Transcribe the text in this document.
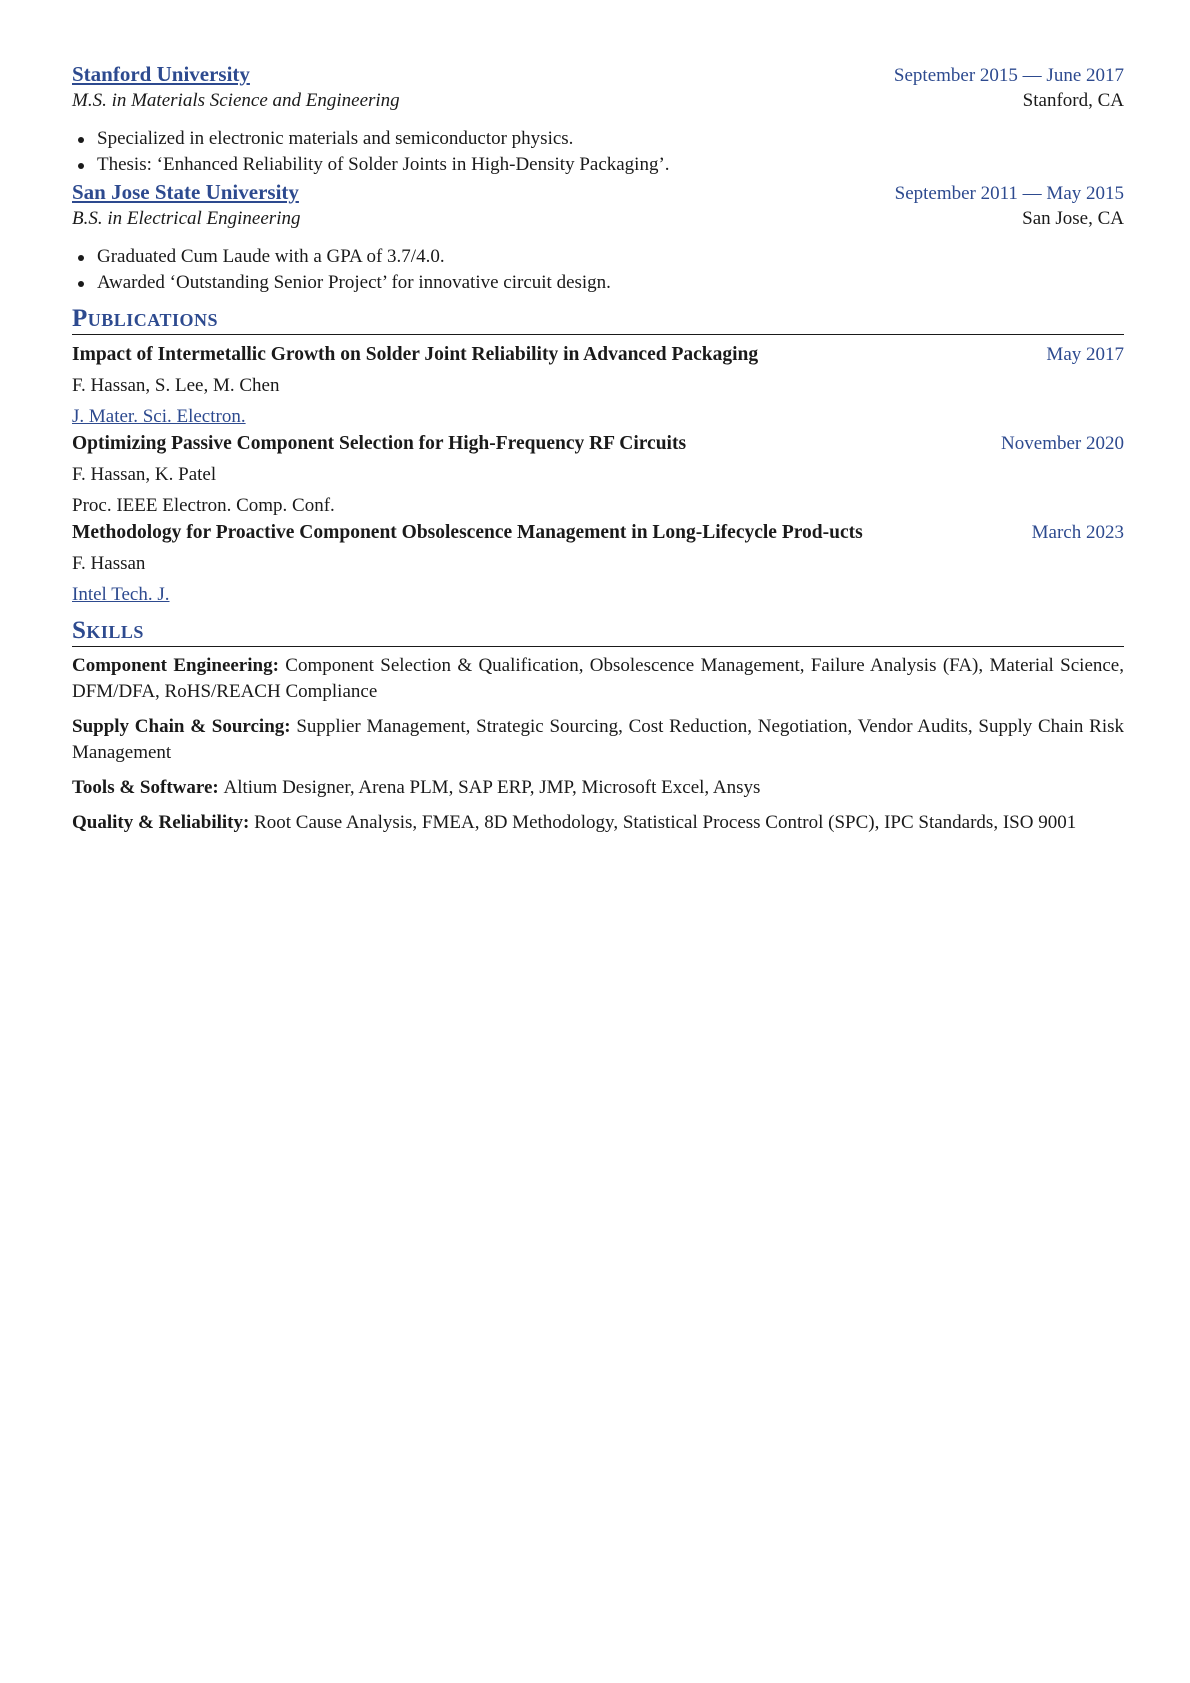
Stanford University	September 2015 — June 2017
M.S. in Materials Science and Engineering	Stanford, CA
Specialized in electronic materials and semiconductor physics.
Thesis: ‘Enhanced Reliability of Solder Joints in High-Density Packaging’.
San Jose State University	September 2011 — May 2015
B.S. in Electrical Engineering	San Jose, CA
Graduated Cum Laude with a GPA of 3.7/4.0.
Awarded ‘Outstanding Senior Project’ for innovative circuit design.
Publications
Impact of Intermetallic Growth on Solder Joint Reliability in Advanced Packaging	May 2017
F. Hassan, S. Lee, M. Chen
J. Mater. Sci. Electron.
Optimizing Passive Component Selection for High-Frequency RF Circuits	November 2020
F. Hassan, K. Patel
Proc. IEEE Electron. Comp. Conf.
Methodology for Proactive Component Obsolescence Management in Long-Lifecycle Prod-ucts	March 2023
F. Hassan
Intel Tech. J.
Skills
Component Engineering: Component Selection & Qualification, Obsolescence Management, Failure Analysis (FA), Material Science, DFM/DFA, RoHS/REACH Compliance
Supply Chain & Sourcing: Supplier Management, Strategic Sourcing, Cost Reduction, Negotiation, Vendor Audits, Supply Chain Risk Management
Tools & Software: Altium Designer, Arena PLM, SAP ERP, JMP, Microsoft Excel, Ansys
Quality & Reliability: Root Cause Analysis, FMEA, 8D Methodology, Statistical Process Control (SPC), IPC Standards, ISO 9001
